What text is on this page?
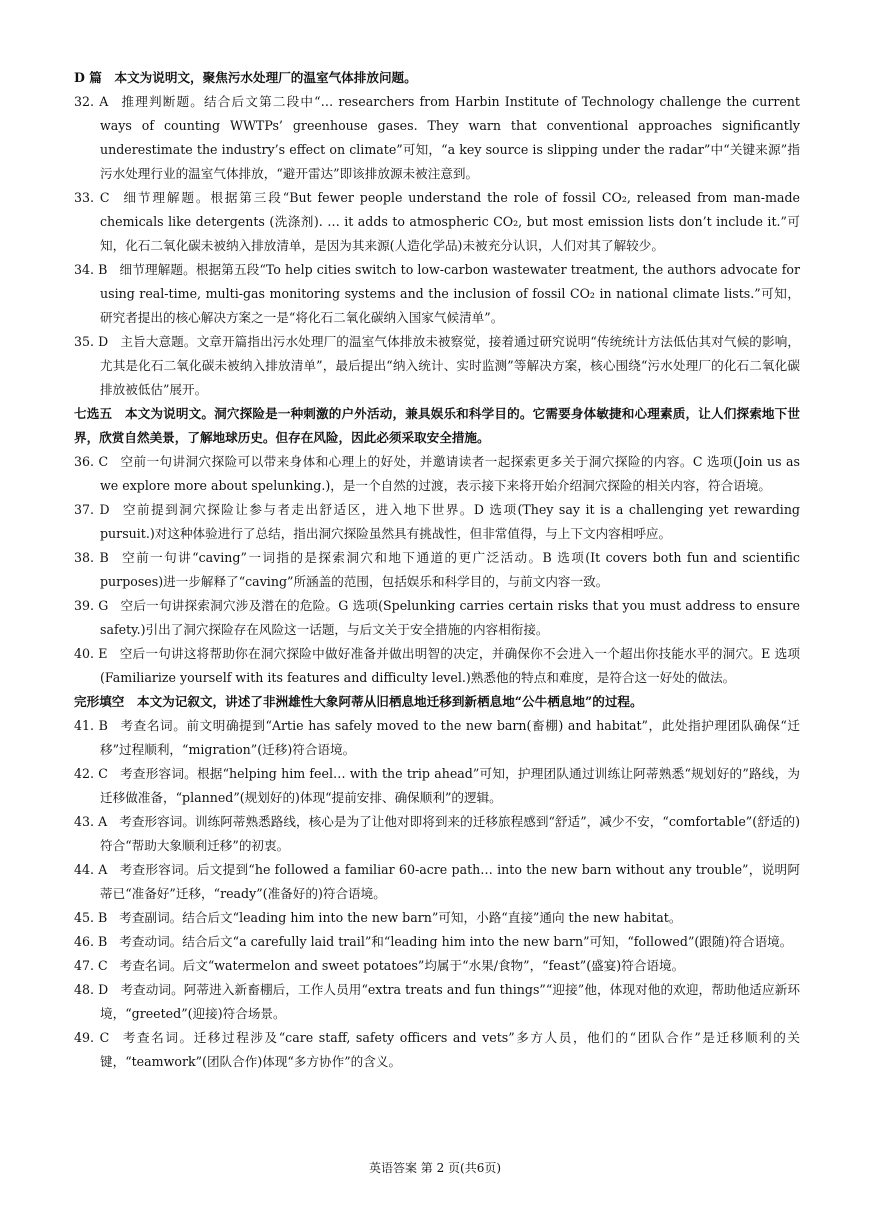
D 篇　本文为说明文，聚焦污水处理厂的温室气体排放问题。

32. A 推理判断题。结合后文第二段中“… researchers from Harbin Institute of Technology challenge the current ways of counting WWTPs’ greenhouse gases. They warn that conventional approaches significantly underestimate the industry’s effect on climate”可知，“a key source is slipping under the radar”中“关键来源”指污水处理行业的温室气体排放，“避开雷达”即该排放源未被注意到。

33. C 细节理解题。根据第三段“But fewer people understand the role of fossil CO₂, released from man-made chemicals like detergents (洗涤剂). … it adds to atmospheric CO₂, but most emission lists don’t include it.”可知，化石二氧化碳未被纳入排放清单，是因为其来源(人造化学品)未被充分认识，人们对其了解较少。

34. B 细节理解题。根据第五段“To help cities switch to low-carbon wastewater treatment, the authors advocate for using real-time, multi-gas monitoring systems and the inclusion of fossil CO₂ in national climate lists.”可知，研究者提出的核心解决方案之一是“将化石二氧化碳纳入国家气候清单”。

35. D 主旨大意题。文章开篇指出污水处理厂的温室气体排放未被察觉，接着通过研究说明“传统统计方法低估其对气候的影响，尤其是化石二氧化碳未被纳入排放清单”，最后提出“纳入统计、实时监测”等解决方案，核心围绕“污水处理厂的化石二氧化碳排放被低估”展开。

七选五　本文为说明文。洞穴探险是一种刺激的户外活动，兼具娱乐和科学目的。它需要身体敏捷和心理素质，让人们探索地下世界，欣赏自然美景，了解地球历史。但存在风险，因此必须采取安全措施。

36. C 空前一句讲洞穴探险可以带来身体和心理上的好处，并邀请读者一起探索更多关于洞穴探险的内容。C 选项(Join us as we explore more about spelunking.)，是一个自然的过渡，表示接下来将开始介绍洞穴探险的相关内容，符合语境。

37. D 空前提到洞穴探险让参与者走出舒适区，进入地下世界。D 选项(They say it is a challenging yet rewarding pursuit.)对这种体验进行了总结，指出洞穴探险虽然具有挑战性，但非常值得，与上下文内容相呼应。

38. B 空前一句讲“caving”一词指的是探索洞穴和地下通道的更广泛活动。B 选项(It covers both fun and scientific purposes)进一步解释了“caving”所涵盖的范围，包括娱乐和科学目的，与前文内容一致。

39. G 空后一句讲探索洞穴涉及潜在的危险。G 选项(Spelunking carries certain risks that you must address to ensure safety.)引出了洞穴探险存在风险这一话题，与后文关于安全措施的内容相衔接。

40. E 空后一句讲这将帮助你在洞穴探险中做好准备并做出明智的决定，并确保你不会进入一个超出你技能水平的洞穴。E 选项(Familiarize yourself with its features and difficulty level.)熟悉他的特点和难度，是符合这一好处的做法。

完形填空　本文为记叙文，讲述了非洲雄性大象阿蒂从旧栖息地迁移到新栖息地“公牛栖息地”的过程。

41. B 考查名词。前文明确提到“Artie has safely moved to the new barn(畜棚) and habitat”，此处指护理团队确保“迁移”过程顺利，“migration”(迁移)符合语境。

42. C 考查形容词。根据“helping him feel… with the trip ahead”可知，护理团队通过训练让阿蒂熟悉“规划好的”路线，为迁移做准备，“planned”(规划好的)体现“提前安排、确保顺利”的逻辑。

43. A 考查形容词。训练阿蒂熟悉路线，核心是为了让他对即将到来的迁移旅程感到“舒适”，减少不安，“comfortable”(舒适的)符合“帮助大象顺利迁移”的初衷。

44. A 考查形容词。后文提到“he followed a familiar 60-acre path… into the new barn without any trouble”，说明阿蒂已“准备好”迁移，“ready”(准备好的)符合语境。

45. B 考查副词。结合后文“leading him into the new barn”可知，小路“直接”通向 the new habitat。

46. B 考查动词。结合后文“a carefully laid trail”和“leading him into the new barn”可知，“followed”(跟随)符合语境。

47. C 考查名词。后文“watermelon and sweet potatoes”均属于“水果/食物”，“feast”(盛宴)符合语境。

48. D 考查动词。阿蒂进入新畜棚后，工作人员用“extra treats and fun things”“迎接”他，体现对他的欢迎，帮助他适应新环境，“greeted”(迎接)符合场景。

49. C 考查名词。迁移过程涉及“care staff, safety officers and vets”多方人员，他们的“团队合作”是迁移顺利的关键，“teamwork”(团队合作)体现“多方协作”的含义。

英语答案 第 2 页(共6页)
